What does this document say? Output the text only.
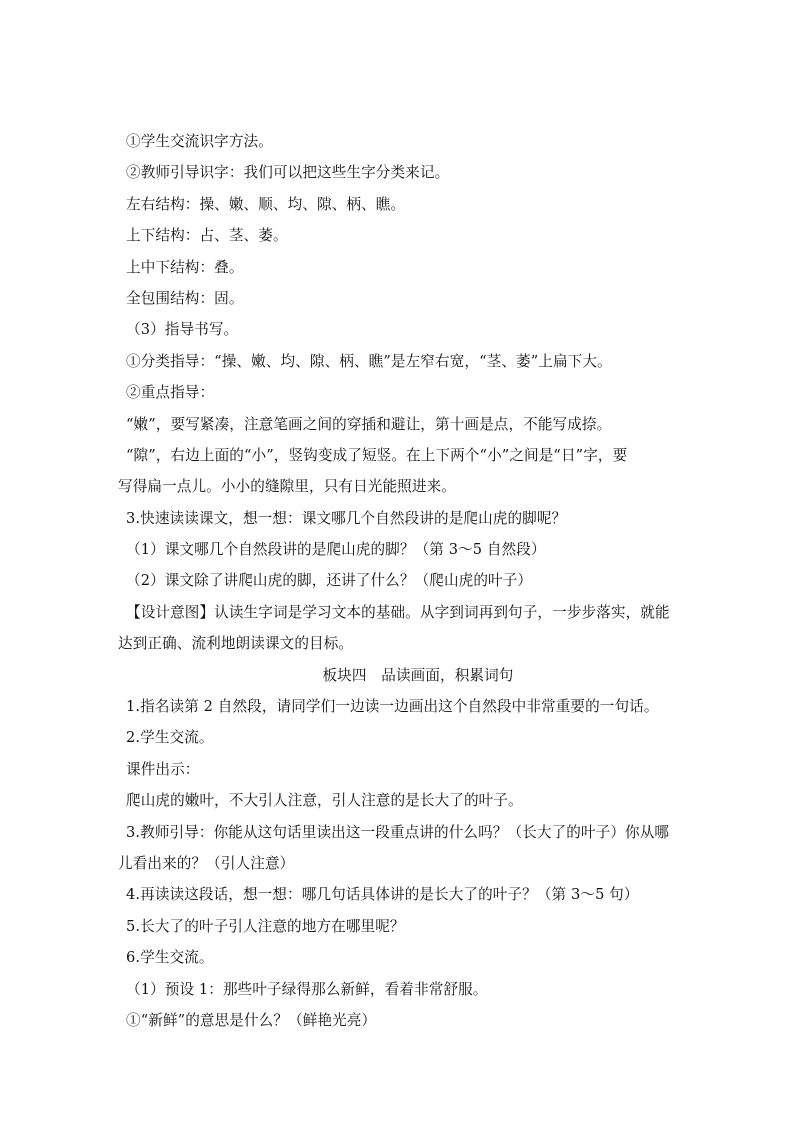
①学生交流识字方法。
②教师引导识字：我们可以把这些生字分类来记。
左右结构：操、嫩、顺、均、隙、柄、瞧。
上下结构：占、茎、萎。
上中下结构：叠。
全包围结构：固。
（3）指导书写。
①分类指导：“操、嫩、均、隙、柄、瞧”是左窄右宽，“茎、萎”上扁下大。
②重点指导：
“嫩”，要写紧凑，注意笔画之间的穿插和避让，第十画是点，不能写成捺。
“隙”，右边上面的“小”，竖钩变成了短竖。在上下两个“小”之间是“日”字，要
写得扁一点儿。小小的缝隙里，只有日光能照进来。
3.快速读读课文，想一想：课文哪几个自然段讲的是爬山虎的脚呢？
（1）课文哪几个自然段讲的是爬山虎的脚？（第 3～5 自然段）
（2）课文除了讲爬山虎的脚，还讲了什么？（爬山虎的叶子）
【设计意图】认读生字词是学习文本的基础。从字到词再到句子，一步步落实，就能
达到正确、流利地朗读课文的目标。
板块四　品读画面，积累词句
1.指名读第 2 自然段，请同学们一边读一边画出这个自然段中非常重要的一句话。
2.学生交流。
课件出示：
爬山虎的嫩叶，不大引人注意，引人注意的是长大了的叶子。
3.教师引导：你能从这句话里读出这一段重点讲的什么吗？（长大了的叶子）你从哪
儿看出来的？（引人注意）
4.再读读这段话，想一想：哪几句话具体讲的是长大了的叶子？（第 3～5 句）
5.长大了的叶子引人注意的地方在哪里呢？
6.学生交流。
（1）预设 1：那些叶子绿得那么新鲜，看着非常舒服。
①“新鲜”的意思是什么？（鲜艳光亮）
